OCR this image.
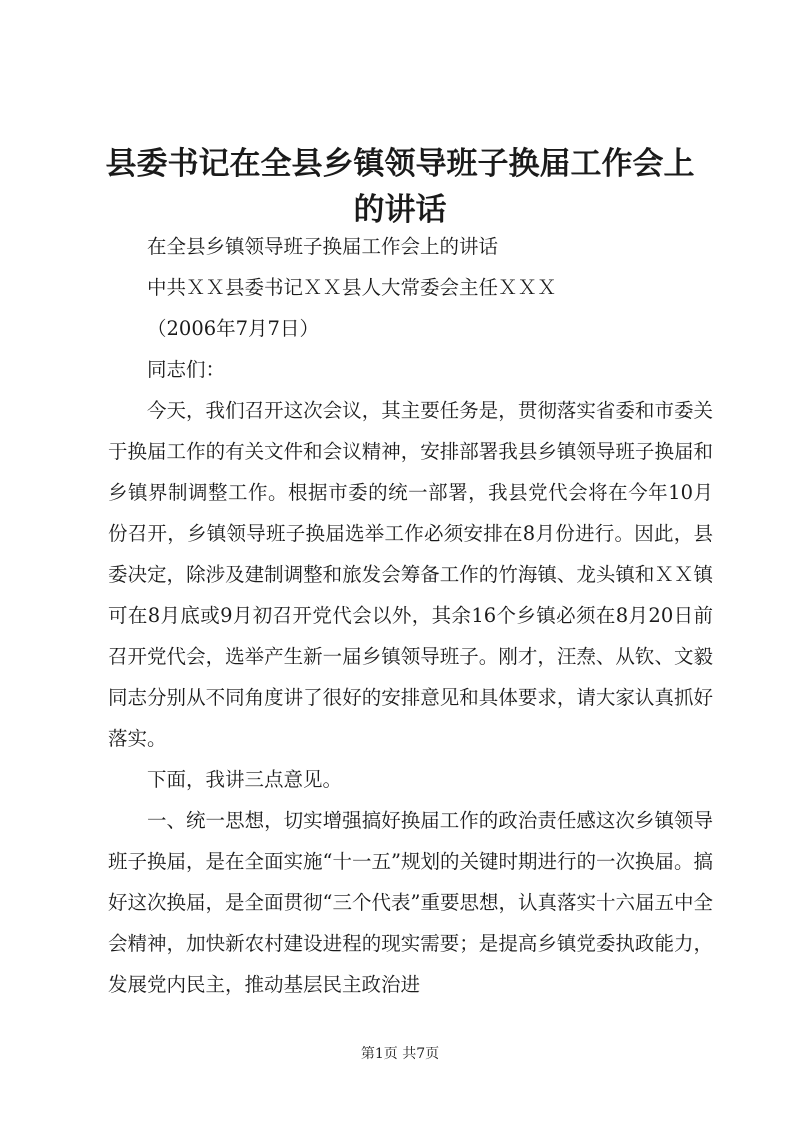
县委书记在全县乡镇领导班子换届工作会上的讲话

在全县乡镇领导班子换届工作会上的讲话

中共ＸＸ县委书记ＸＸ县人大常委会主任ＸＸＸ

（2006年7月7日）

同志们：

今天，我们召开这次会议，其主要任务是，贯彻落实省委和市委关于换届工作的有关文件和会议精神，安排部署我县乡镇领导班子换届和乡镇界制调整工作。根据市委的统一部署，我县党代会将在今年10月份召开，乡镇领导班子换届选举工作必须安排在8月份进行。因此，县委决定，除涉及建制调整和旅发会筹备工作的竹海镇、龙头镇和ＸＸ镇可在8月底或9月初召开党代会以外，其余16个乡镇必须在8月20日前召开党代会，选举产生新一届乡镇领导班子。刚才，汪焘、从钦、文毅同志分别从不同角度讲了很好的安排意见和具体要求，请大家认真抓好落实。

下面，我讲三点意见。

一、统一思想，切实增强搞好换届工作的政治责任感这次乡镇领导班子换届，是在全面实施“十一五”规划的关键时期进行的一次换届。搞好这次换届，是全面贯彻“三个代表”重要思想，认真落实十六届五中全会精神，加快新农村建设进程的现实需要；是提高乡镇党委执政能力，发展党内民主，推动基层民主政治进

第1页 共7页
